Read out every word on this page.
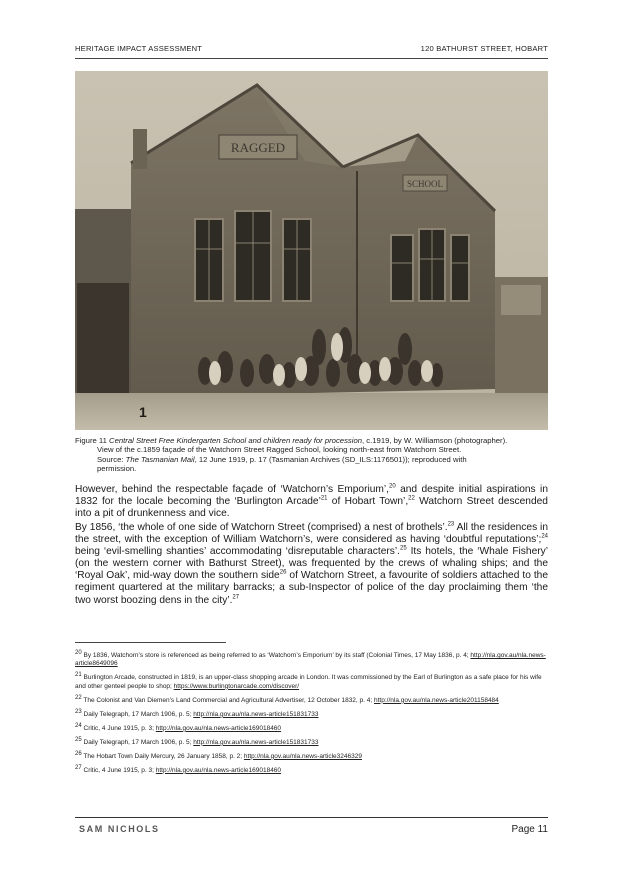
HERITAGE IMPACT ASSESSMENT	120 BATHURST STREET, HOBART
RAGGED
SCHOOL
1
Figure 11 Central Street Free Kindergarten School and children ready for procession, c.1919, by W. Williamson (photographer).
View of the c.1859 façade of the Watchorn Street Ragged School, looking north-east from Watchorn Street.
Source: The Tasmanian Mail, 12 June 1919, p. 17 (Tasmanian Archives (SD_ILS:1176501)); reproduced with
permission.
However, behind the respectable façade of ‘Watchorn’s Emporium’,$^{20}$ and despite initial aspirations in 1832 for the locale becoming the ‘Burlington Arcade’$^{21}$ of Hobart Town’,$^{22}$ Watchorn Street descended into a pit of drunkenness and vice.
By 1856, ‘the whole of one side of Watchorn Street (comprised) a nest of brothels’.$^{23}$ All the residences in the street, with the exception of William Watchorn’s, were considered as having ‘doubtful reputations’;$^{24}$ being ‘evil-smelling shanties’ accommodating ‘disreputable characters’.$^{25}$ Its hotels, the ‘Whale Fishery’ (on the western corner with Bathurst Street), was frequented by the crews of whaling ships; and the ‘Royal Oak’, mid-way down the southern side$^{26}$ of Watchorn Street, a favourite of soldiers attached to the regiment quartered at the military barracks; a sub-Inspector of police of the day proclaiming them ‘the two worst boozing dens in the city’.$^{27}$
$^{20}$ By 1836, Watchorn’s store is referenced as being referred to as ‘Watchorn’s Emporium’ by its staff (Colonial Times, 17 May 1836, p. 4; http://nla.gov.au/nla.news-article8649096
$^{21}$ Burlington Arcade, constructed in 1819, is an upper-class shopping arcade in London. It was commissioned by the Earl of Burlington as a safe place for his wife and other genteel people to shop; https://www.burlingtonarcade.com/discover/
$^{22}$ The Colonist and Van Diemen’s Land Commercial and Agricultural Advertiser, 12 October 1832, p. 4; http://nla.gov.au/nla.news-article201158484
$^{23}$ Daily Telegraph, 17 March 1906, p. 5; http://nla.gov.au/nla.news-article151831733
$^{24}$ Critic, 4 June 1915, p. 3; http://nla.gov.au/nla.news-article169018460
$^{25}$ Daily Telegraph, 17 March 1906, p. 5; http://nla.gov.au/nla.news-article151831733
$^{26}$ The Hobart Town Daily Mercury, 26 January 1858, p. 2; http://nla.gov.au/nla.news-article3246329
$^{27}$ Critic, 4 June 1915, p. 3; http://nla.gov.au/nla.news-article169018460
SAM NICHOLS	Page 11
